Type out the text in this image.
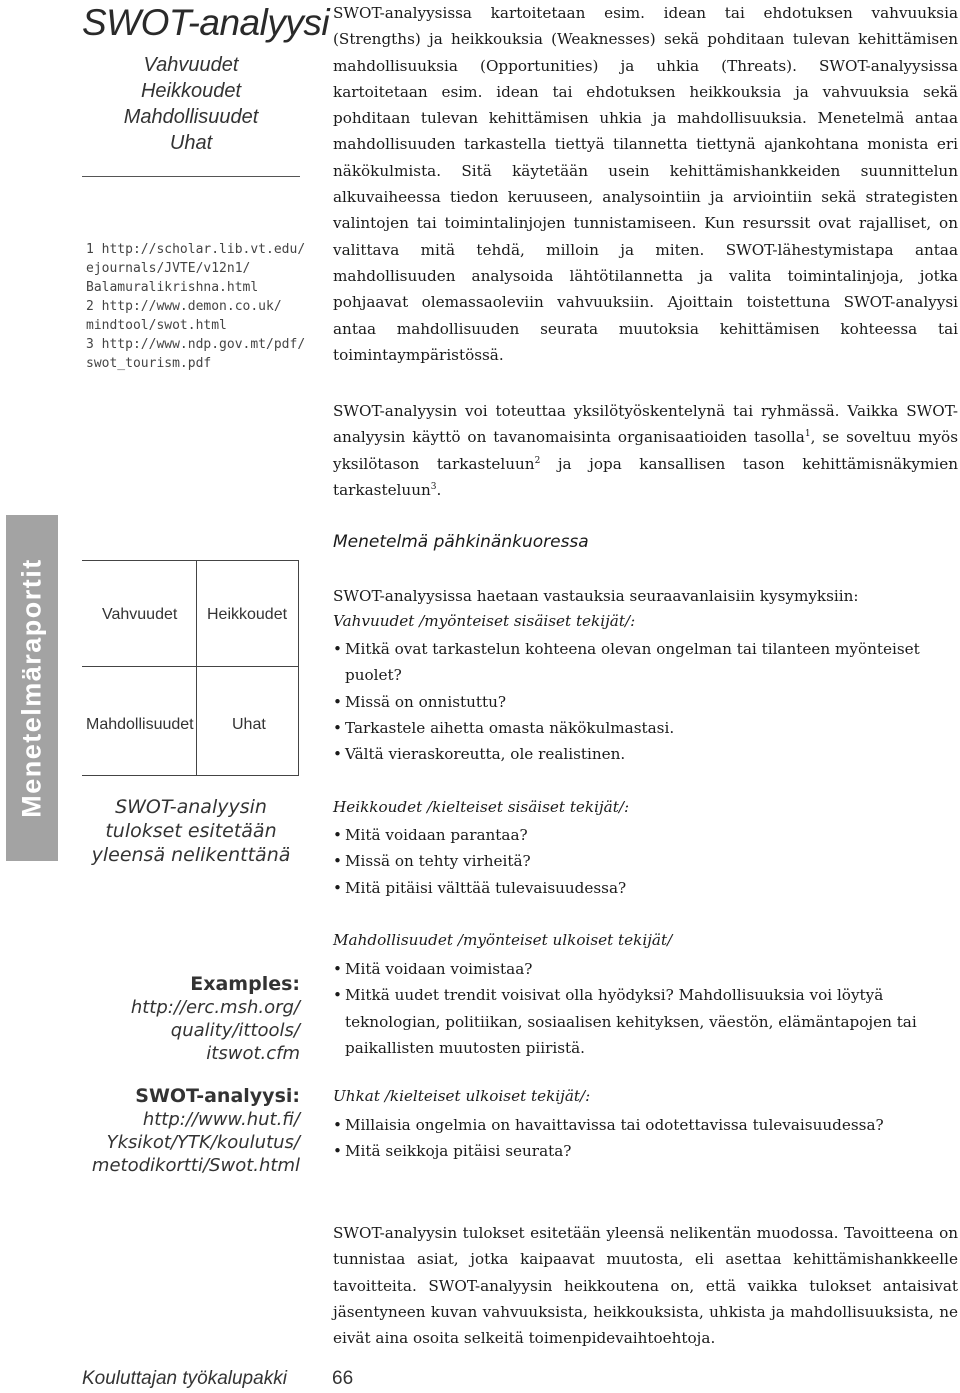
SWOT-analyysi
Vahvuudet
Heikkoudet
Mahdollisuudet
Uhat
1 http://scholar.lib.vt.edu/
ejournals/JVTE/v12n1/
Balamuralikrishna.html
2 http://www.demon.co.uk/
mindtool/swot.html
3 http://www.ndp.gov.mt/pdf/
swot_tourism.pdf
Menetelmäraportit	Vahvuudet Heikkoudet
Mahdollisuudet Uhat
SWOT-analyysin tulokset esitetään yleensä nelikenttänä
Examples:
http://erc.msh.org/
quality/ittools/
itswot.cfm
SWOT-analyysi:
http://www.hut.fi/
Yksikot/YTK/koulutus/
metodikortti/Swot.html
Kouluttajan työkalupakki 66
SWOT-analyysissa kartoitetaan esim. idean tai ehdotuksen vahvuuksia (Strengths) ja heikkouksia (Weaknesses) sekä pohditaan tulevan kehittämisen mahdollisuuksia (Opportunities) ja uhkia (Threats). SWOT-analyysissa kartoitetaan esim. idean tai ehdotuksen heikkouksia ja vahvuuksia sekä pohditaan tulevan kehittämisen uhkia ja mahdollisuuksia. Menetelmä antaa mahdollisuuden tarkastella tiettyä tilannetta tiettynä ajankohtana monista eri näkökulmista. Sitä käytetään usein kehittämishankkeiden suunnittelun alkuvaiheessa tiedon keruuseen, analysointiin ja arviointiin sekä strategisten valintojen tai toimintalinjojen tunnistamiseen. Kun resurssit ovat rajalliset, on valittava mitä tehdä, milloin ja miten. SWOT-lähestymistapa antaa mahdollisuuden analysoida lähtötilannetta ja valita toimintalinjoja, jotka pohjaavat olemassaoleviin vahvuuksiin. Ajoittain toistettuna SWOT-analyysi antaa mahdollisuuden seurata muutoksia kehittämisen kohteessa tai toimintaympäristössä.
SWOT-analyysin voi toteuttaa yksilötyöskentelynä tai ryhmässä. Vaikka SWOT-analyysin käyttö on tavanomaisinta organisaatioiden tasolla$^1$, se soveltuu myös yksilötason tarkasteluun$^2$ ja jopa kansallisen tason kehittämisnäkymien tarkasteluun$^3$.
Menetelmä pähkinänkuoressa
SWOT-analyysissa haetaan vastauksia seuraavanlaisiin kysymyksiin:
Vahvuudet /myönteiset sisäiset tekijät/:
• Mitkä ovat tarkastelun kohteena olevan ongelman tai tilanteen myönteiset puolet?
• Missä on onnistuttu?
• Tarkastele aihetta omasta näkökulmastasi.
• Vältä vieraskoreutta, ole realistinen.
Heikkoudet /kielteiset sisäiset tekijät/:
• Mitä voidaan parantaa?
• Missä on tehty virheitä?
• Mitä pitäisi välttää tulevaisuudessa?
Mahdollisuudet /myönteiset ulkoiset tekijät/
• Mitä voidaan voimistaa?
• Mitkä uudet trendit voisivat olla hyödyksi? Mahdollisuuksia voi löytyä teknologian, politiikan, sosiaalisen kehityksen, väestön, elämäntapojen tai paikallisten muutosten piiristä.
Uhkat /kielteiset ulkoiset tekijät/:
• Millaisia ongelmia on havaittavissa tai odotettavissa tulevaisuudessa?
• Mitä seikkoja pitäisi seurata?
SWOT-analyysin tulokset esitetään yleensä nelikentän muodossa. Tavoitteena on tunnistaa asiat, jotka kaipaavat muutosta, eli asettaa kehittämishankkeelle tavoitteita. SWOT-analyysin heikkoutena on, että vaikka tulokset antaisivat jäsentyneen kuvan vahvuuksista, heikkouksista, uhkista ja mahdollisuuksista, ne eivät aina osoita selkeitä toimenpidevaihtoehtoja.
